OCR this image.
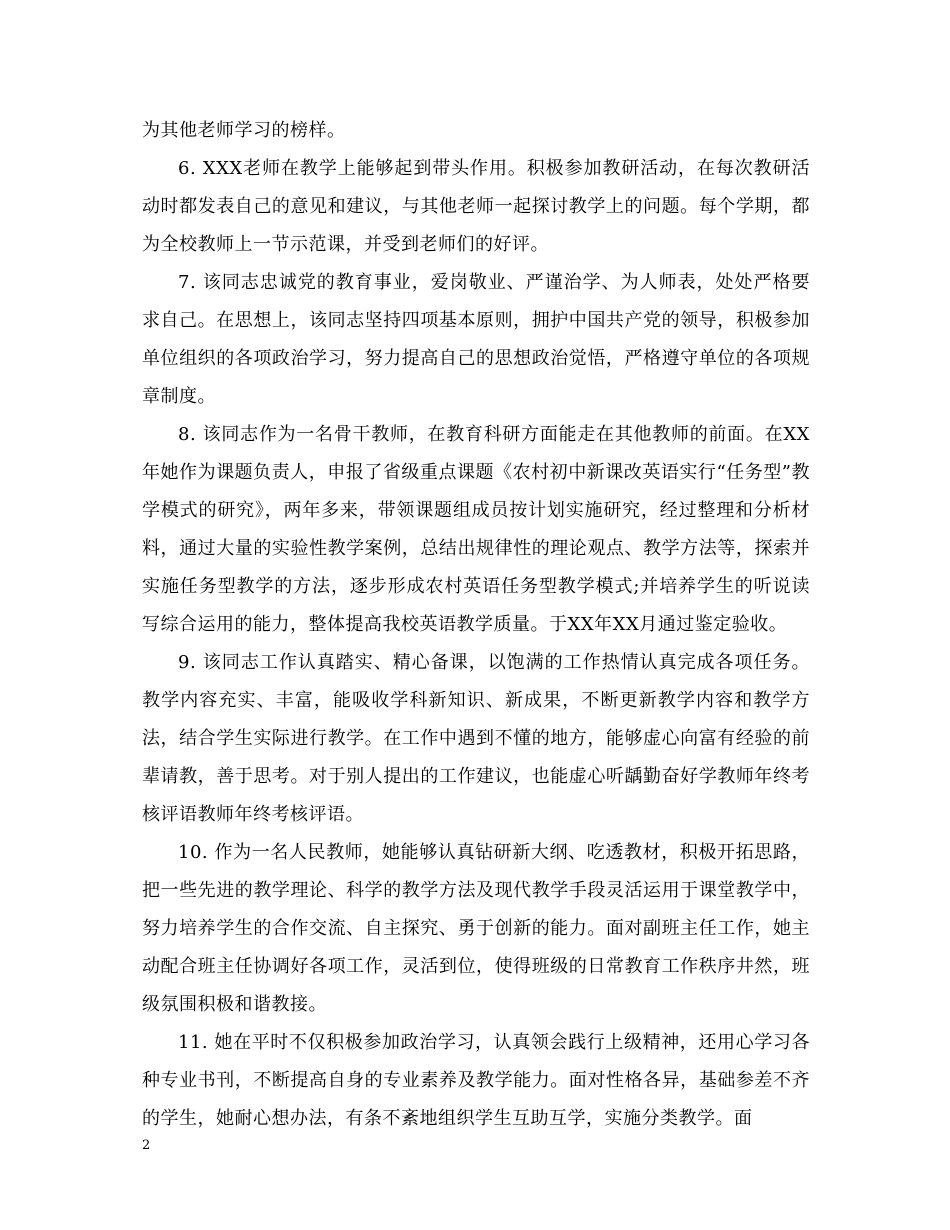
为其他老师学习的榜样。

6. XXX老师在教学上能够起到带头作用。积极参加教研活动，在每次教研活动时都发表自己的意见和建议，与其他老师一起探讨教学上的问题。每个学期，都为全校教师上一节示范课，并受到老师们的好评。

7. 该同志忠诚党的教育事业，爱岗敬业、严谨治学、为人师表，处处严格要求自己。在思想上，该同志坚持四项基本原则，拥护中国共产党的领导，积极参加单位组织的各项政治学习，努力提高自己的思想政治觉悟，严格遵守单位的各项规章制度。

8. 该同志作为一名骨干教师，在教育科研方面能走在其他教师的前面。在XX年她作为课题负责人，申报了省级重点课题《农村初中新课改英语实行“任务型”教学模式的研究》，两年多来，带领课题组成员按计划实施研究，经过整理和分析材料，通过大量的实验性教学案例，总结出规律性的理论观点、教学方法等，探索并实施任务型教学的方法，逐步形成农村英语任务型教学模式;并培养学生的听说读写综合运用的能力，整体提高我校英语教学质量。于XX年XX月通过鉴定验收。

9. 该同志工作认真踏实、精心备课，以饱满的工作热情认真完成各项任务。教学内容充实、丰富，能吸收学科新知识、新成果，不断更新教学内容和教学方法，结合学生实际进行教学。在工作中遇到不懂的地方，能够虚心向富有经验的前辈请教，善于思考。对于别人提出的工作建议，也能虚心听龋勤奋好学教师年终考核评语教师年终考核评语。

10. 作为一名人民教师，她能够认真钻研新大纲、吃透教材，积极开拓思路，把一些先进的教学理论、科学的教学方法及现代教学手段灵活运用于课堂教学中，努力培养学生的合作交流、自主探究、勇于创新的能力。面对副班主任工作，她主动配合班主任协调好各项工作，灵活到位，使得班级的日常教育工作秩序井然，班级氛围积极和谐教接。

11. 她在平时不仅积极参加政治学习，认真领会践行上级精神，还用心学习各种专业书刊，不断提高自身的专业素养及教学能力。面对性格各异，基础参差不齐的学生，她耐心想办法，有条不紊地组织学生互助互学，实施分类教学。面

2
